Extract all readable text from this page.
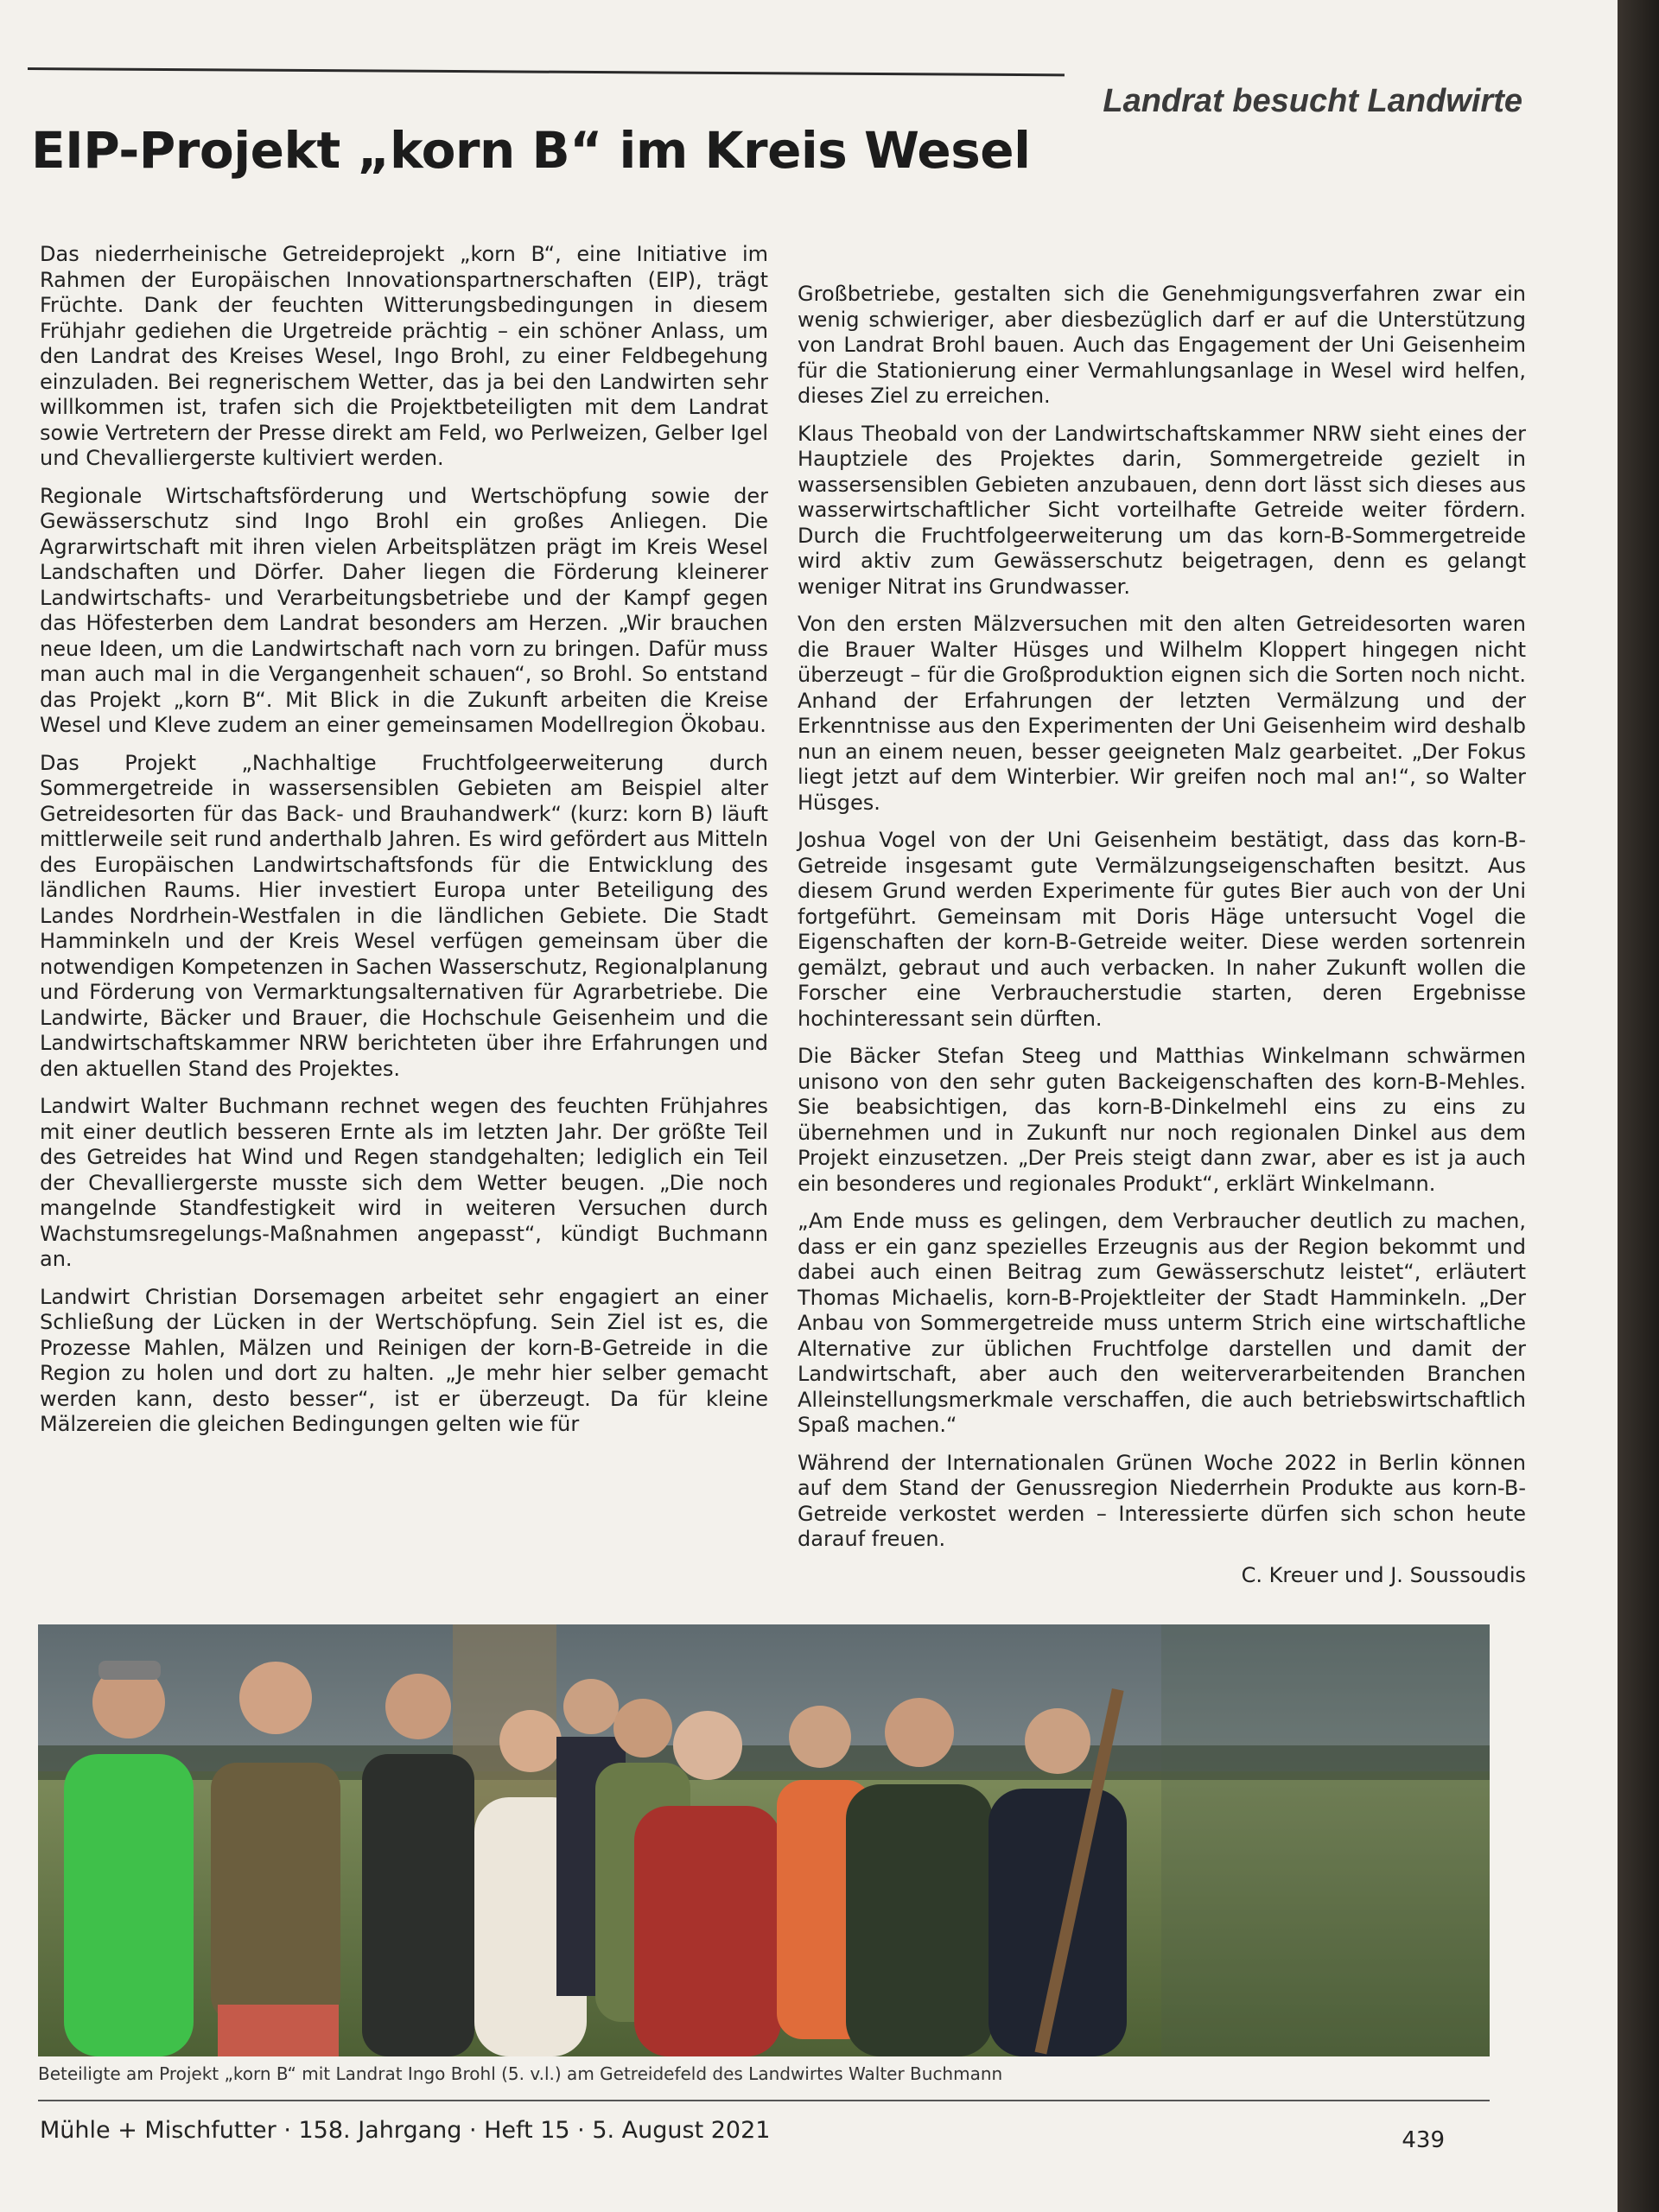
Landrat besucht Landwirte
EIP-Projekt „korn B“ im Kreis Wesel

Das niederrheinische Getreideprojekt „korn B“, eine Initiative im Rahmen der Europäischen Innovationspartnerschaften (EIP), trägt Früchte. Dank der feuchten Witterungsbedingungen in diesem Frühjahr gediehen die Urgetreide prächtig – ein schöner Anlass, um den Landrat des Kreises Wesel, Ingo Brohl, zu einer Feldbegehung einzuladen. Bei regnerischem Wetter, das ja bei den Landwirten sehr willkommen ist, trafen sich die Projektbeteiligten mit dem Landrat sowie Vertretern der Presse direkt am Feld, wo Perlweizen, Gelber Igel und Chevalliergerste kultiviert werden.

Regionale Wirtschaftsförderung und Wertschöpfung sowie der Gewässerschutz sind Ingo Brohl ein großes Anliegen. Die Agrarwirtschaft mit ihren vielen Arbeitsplätzen prägt im Kreis Wesel Landschaften und Dörfer. Daher liegen die Förderung kleinerer Landwirtschafts- und Verarbeitungsbetriebe und der Kampf gegen das Höfesterben dem Landrat besonders am Herzen. „Wir brauchen neue Ideen, um die Landwirtschaft nach vorn zu bringen. Dafür muss man auch mal in die Vergangenheit schauen“, so Brohl. So entstand das Projekt „korn B“. Mit Blick in die Zukunft arbeiten die Kreise Wesel und Kleve zudem an einer gemeinsamen Modellregion Ökobau.

Das Projekt „Nachhaltige Fruchtfolgeerweiterung durch Sommergetreide in wassersensiblen Gebieten am Beispiel alter Getreidesorten für das Back- und Brauhandwerk“ (kurz: korn B) läuft mittlerweile seit rund anderthalb Jahren. Es wird gefördert aus Mitteln des Europäischen Landwirtschaftsfonds für die Entwicklung des ländlichen Raums. Hier investiert Europa unter Beteiligung des Landes Nordrhein-Westfalen in die ländlichen Gebiete. Die Stadt Hamminkeln und der Kreis Wesel verfügen gemeinsam über die notwendigen Kompetenzen in Sachen Wasserschutz, Regionalplanung und Förderung von Vermarktungsalternativen für Agrarbetriebe. Die Landwirte, Bäcker und Brauer, die Hochschule Geisenheim und die Landwirtschaftskammer NRW berichteten über ihre Erfahrungen und den aktuellen Stand des Projektes.

Landwirt Walter Buchmann rechnet wegen des feuchten Frühjahres mit einer deutlich besseren Ernte als im letzten Jahr. Der größte Teil des Getreides hat Wind und Regen standgehalten; lediglich ein Teil der Chevalliergerste musste sich dem Wetter beugen. „Die noch mangelnde Standfestigkeit wird in weiteren Versuchen durch Wachstumsregelungs-Maßnahmen angepasst“, kündigt Buchmann an.

Landwirt Christian Dorsemagen arbeitet sehr engagiert an einer Schließung der Lücken in der Wertschöpfung. Sein Ziel ist es, die Prozesse Mahlen, Mälzen und Reinigen der korn-B-Getreide in die Region zu holen und dort zu halten. „Je mehr hier selber gemacht werden kann, desto besser“, ist er überzeugt. Da für kleine Mälzereien die gleichen Bedingungen gelten wie für

Großbetriebe, gestalten sich die Genehmigungsverfahren zwar ein wenig schwieriger, aber diesbezüglich darf er auf die Unterstützung von Landrat Brohl bauen. Auch das Engagement der Uni Geisenheim für die Stationierung einer Vermahlungsanlage in Wesel wird helfen, dieses Ziel zu erreichen.

Klaus Theobald von der Landwirtschaftskammer NRW sieht eines der Hauptziele des Projektes darin, Sommergetreide gezielt in wassersensiblen Gebieten anzubauen, denn dort lässt sich dieses aus wasserwirtschaftlicher Sicht vorteilhafte Getreide weiter fördern. Durch die Fruchtfolgeerweiterung um das korn-B-Sommergetreide wird aktiv zum Gewässerschutz beigetragen, denn es gelangt weniger Nitrat ins Grundwasser.

Von den ersten Mälzversuchen mit den alten Getreidesorten waren die Brauer Walter Hüsges und Wilhelm Kloppert hingegen nicht überzeugt – für die Großproduktion eignen sich die Sorten noch nicht. Anhand der Erfahrungen der letzten Vermälzung und der Erkenntnisse aus den Experimenten der Uni Geisenheim wird deshalb nun an einem neuen, besser geeigneten Malz gearbeitet. „Der Fokus liegt jetzt auf dem Winterbier. Wir greifen noch mal an!“, so Walter Hüsges.

Joshua Vogel von der Uni Geisenheim bestätigt, dass das korn-B-Getreide insgesamt gute Vermälzungseigenschaften besitzt. Aus diesem Grund werden Experimente für gutes Bier auch von der Uni fortgeführt. Gemeinsam mit Doris Häge untersucht Vogel die Eigenschaften der korn-B-Getreide weiter. Diese werden sortenrein gemälzt, gebraut und auch verbacken. In naher Zukunft wollen die Forscher eine Verbraucherstudie starten, deren Ergebnisse hochinteressant sein dürften.

Die Bäcker Stefan Steeg und Matthias Winkelmann schwärmen unisono von den sehr guten Backeigenschaften des korn-B-Mehles. Sie beabsichtigen, das korn-B-Dinkelmehl eins zu eins zu übernehmen und in Zukunft nur noch regionalen Dinkel aus dem Projekt einzusetzen. „Der Preis steigt dann zwar, aber es ist ja auch ein besonderes und regionales Produkt“, erklärt Winkelmann.

„Am Ende muss es gelingen, dem Verbraucher deutlich zu machen, dass er ein ganz spezielles Erzeugnis aus der Region bekommt und dabei auch einen Beitrag zum Gewässerschutz leistet“, erläutert Thomas Michaelis, korn-B-Projektleiter der Stadt Hamminkeln. „Der Anbau von Sommergetreide muss unterm Strich eine wirtschaftliche Alternative zur üblichen Fruchtfolge darstellen und damit der Landwirtschaft, aber auch den weiterverarbeitenden Branchen Alleinstellungsmerkmale verschaffen, die auch betriebswirtschaftlich Spaß machen.“

Während der Internationalen Grünen Woche 2022 in Berlin können auf dem Stand der Genussregion Niederrhein Produkte aus korn-B-Getreide verkostet werden – Interessierte dürfen sich schon heute darauf freuen.

C. Kreuer und J. Soussoudis
Beteiligte am Projekt „korn B“ mit Landrat Ingo Brohl (5. v.l.) am Getreidefeld des Landwirtes Walter Buchmann
Mühle + Mischfutter · 158. Jahrgang · Heft 15 · 5. August 2021	439
